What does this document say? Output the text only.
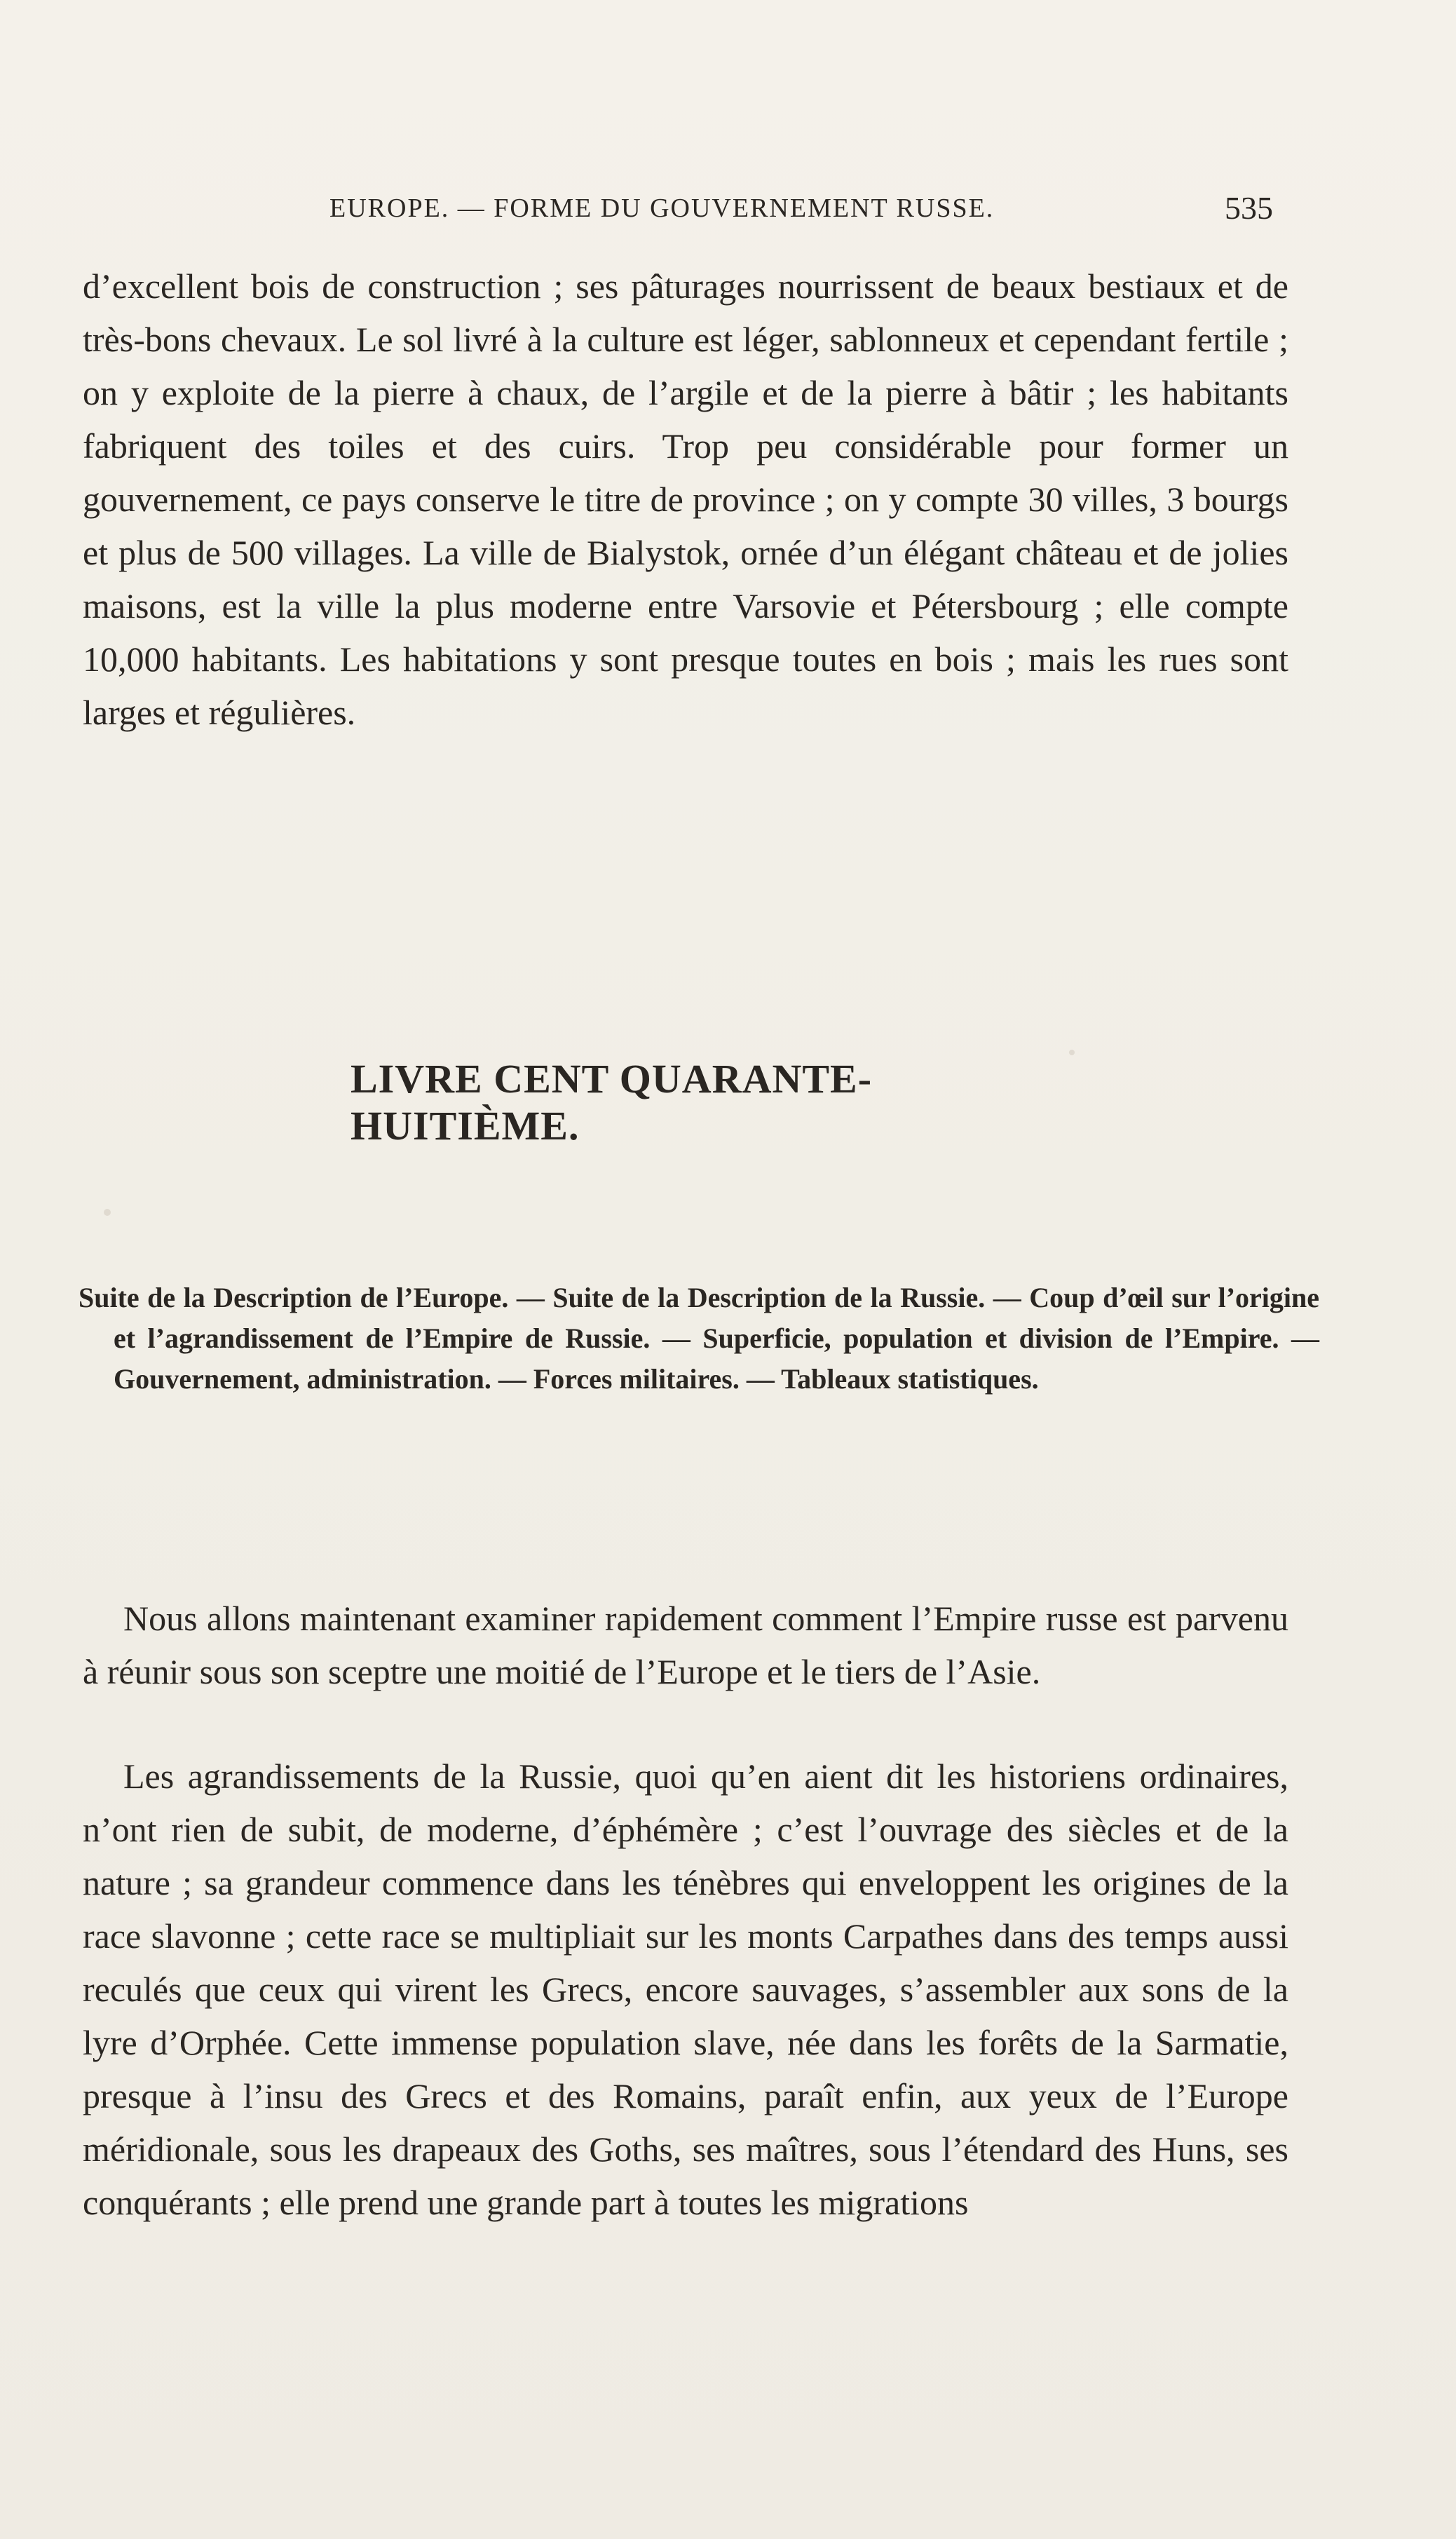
EUROPE. — FORME DU GOUVERNEMENT RUSSE.	535

d’excellent bois de construction ; ses pâturages nourrissent de beaux bestiaux et de très-bons chevaux. Le sol livré à la culture est léger, sablonneux et cependant fertile ; on y exploite de la pierre à chaux, de l’argile et de la pierre à bâtir ; les habitants fabriquent des toiles et des cuirs. Trop peu considérable pour former un gouvernement, ce pays conserve le titre de province ; on y compte 30 villes, 3 bourgs et plus de 500 villages. La ville de Bialystok, ornée d’un élégant château et de jolies maisons, est la ville la plus moderne entre Varsovie et Pétersbourg ; elle compte 10,000 habitants. Les habitations y sont presque toutes en bois ; mais les rues sont larges et régulières.

LIVRE CENT QUARANTE-HUITIÈME.

Suite de la Description de l’Europe. — Suite de la Description de la Russie. — Coup d’œil sur l’origine et l’agrandissement de l’Empire de Russie. — Superficie, population et division de l’Empire. — Gouvernement, administration. — Forces militaires. — Tableaux statistiques.

Nous allons maintenant examiner rapidement comment l’Empire russe est parvenu à réunir sous son sceptre une moitié de l’Europe et le tiers de l’Asie.

Les agrandissements de la Russie, quoi qu’en aient dit les historiens ordinaires, n’ont rien de subit, de moderne, d’éphémère ; c’est l’ouvrage des siècles et de la nature ; sa grandeur commence dans les ténèbres qui enveloppent les origines de la race slavonne ; cette race se multipliait sur les monts Carpathes dans des temps aussi reculés que ceux qui virent les Grecs, encore sauvages, s’assembler aux sons de la lyre d’Orphée. Cette immense population slave, née dans les forêts de la Sarmatie, presque à l’insu des Grecs et des Romains, paraît enfin, aux yeux de l’Europe méridionale, sous les drapeaux des Goths, ses maîtres, sous l’étendard des Huns, ses conquérants ; elle prend une grande part à toutes les migrations
